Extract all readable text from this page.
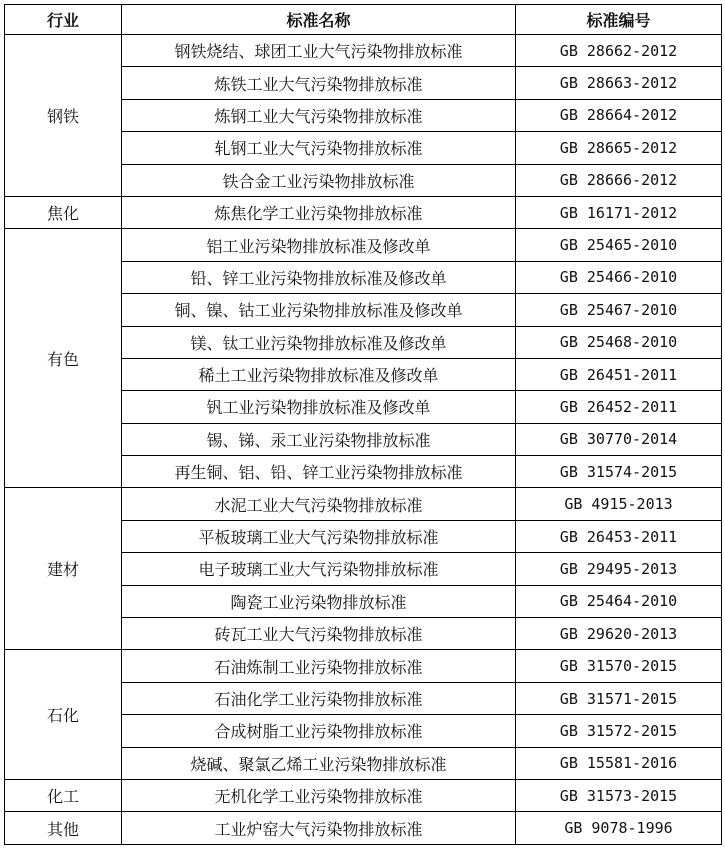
行业	标准名称	标准编号
钢铁	钢铁烧结、球团工业大气污染物排放标准	GB 28662-2012
	炼铁工业大气污染物排放标准	GB 28663-2012
	炼钢工业大气污染物排放标准	GB 28664-2012
	轧钢工业大气污染物排放标准	GB 28665-2012
	铁合金工业污染物排放标准	GB 28666-2012
焦化	炼焦化学工业污染物排放标准	GB 16171-2012
有色	铝工业污染物排放标准及修改单	GB 25465-2010
	铅、锌工业污染物排放标准及修改单	GB 25466-2010
	铜、镍、钴工业污染物排放标准及修改单	GB 25467-2010
	镁、钛工业污染物排放标准及修改单	GB 25468-2010
	稀土工业污染物排放标准及修改单	GB 26451-2011
	钒工业污染物排放标准及修改单	GB 26452-2011
	锡、锑、汞工业污染物排放标准	GB 30770-2014
	再生铜、铝、铅、锌工业污染物排放标准	GB 31574-2015
建材	水泥工业大气污染物排放标准	GB 4915-2013
	平板玻璃工业大气污染物排放标准	GB 26453-2011
	电子玻璃工业大气污染物排放标准	GB 29495-2013
	陶瓷工业污染物排放标准	GB 25464-2010
	砖瓦工业大气污染物排放标准	GB 29620-2013
石化	石油炼制工业污染物排放标准	GB 31570-2015
	石油化学工业污染物排放标准	GB 31571-2015
	合成树脂工业污染物排放标准	GB 31572-2015
	烧碱、聚氯乙烯工业污染物排放标准	GB 15581-2016
化工	无机化学工业污染物排放标准	GB 31573-2015
其他	工业炉窑大气污染物排放标准	GB 9078-1996
